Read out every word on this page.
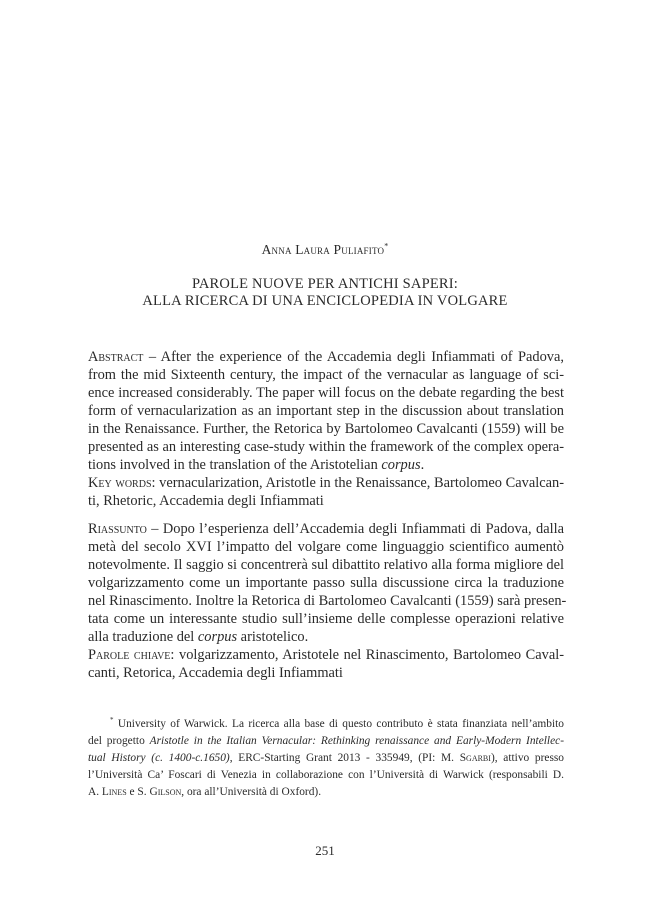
Anna Laura Puliafito*
PAROLE NUOVE PER ANTICHI SAPERI:
ALLA RICERCA DI UNA ENCICLOPEDIA IN VOLGARE
Abstract – After the experience of the Accademia degli Infiammati of Padova,
from the mid Sixteenth century, the impact of the vernacular as language of sci-
ence increased considerably. The paper will focus on the debate regarding the best
form of vernacularization as an important step in the discussion about translation
in the Renaissance. Further, the Retorica by Bartolomeo Cavalcanti (1559) will be
presented as an interesting case-study within the framework of the complex opera-
tions involved in the translation of the Aristotelian corpus.
Key words: vernacularization, Aristotle in the Renaissance, Bartolomeo Cavalcan-
ti, Rhetoric, Accademia degli Infiammati
Riassunto – Dopo l’esperienza dell’Accademia degli Infiammati di Padova, dalla
metà del secolo XVI l’impatto del volgare come linguaggio scientifico aumentò
notevolmente. Il saggio si concentrerà sul dibattito relativo alla forma migliore del
volgarizzamento come un importante passo sulla discussione circa la traduzione
nel Rinascimento. Inoltre la Retorica di Bartolomeo Cavalcanti (1559) sarà presen-
tata come un interessante studio sull’insieme delle complesse operazioni relative
alla traduzione del corpus aristotelico.
Parole chiave: volgarizzamento, Aristotele nel Rinascimento, Bartolomeo Caval-
canti, Retorica, Accademia degli Infiammati
* University of Warwick. La ricerca alla base di questo contributo è stata finanziata nell’ambito
del progetto Aristotle in the Italian Vernacular: Rethinking renaissance and Early-Modern Intellec-
tual History (c. 1400-c.1650), ERC-Starting Grant 2013 - 335949, (PI: M. Sgarbi), attivo presso
l’Università Ca’ Foscari di Venezia in collaborazione con l’Università di Warwick (responsabili D.
A. Lines e S. Gilson, ora all’Università di Oxford).
251
